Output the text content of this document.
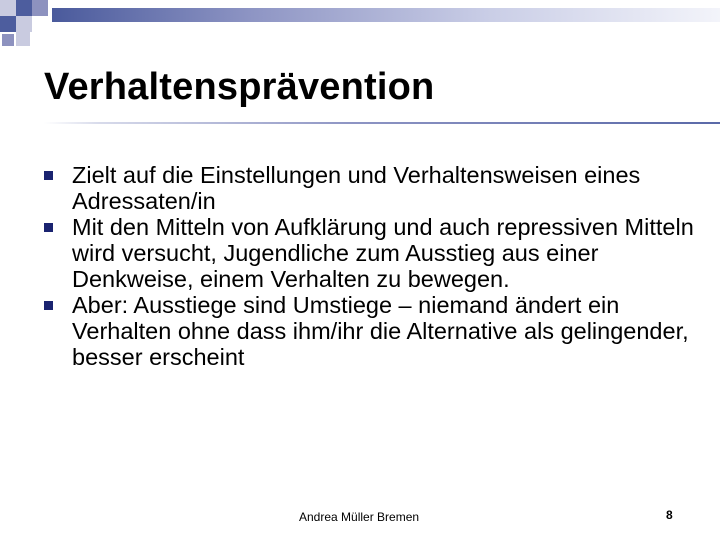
Verhaltensprävention
Zielt auf die Einstellungen und Verhaltensweisen eines Adressaten/in
Mit den Mitteln von Aufklärung und auch repressiven Mitteln wird versucht, Jugendliche zum Ausstieg aus einer Denkweise, einem Verhalten zu bewegen.
Aber: Ausstiege sind Umstiege – niemand ändert ein Verhalten ohne dass ihm/ihr die Alternative als gelingender, besser erscheint
Andrea Müller Bremen	8
